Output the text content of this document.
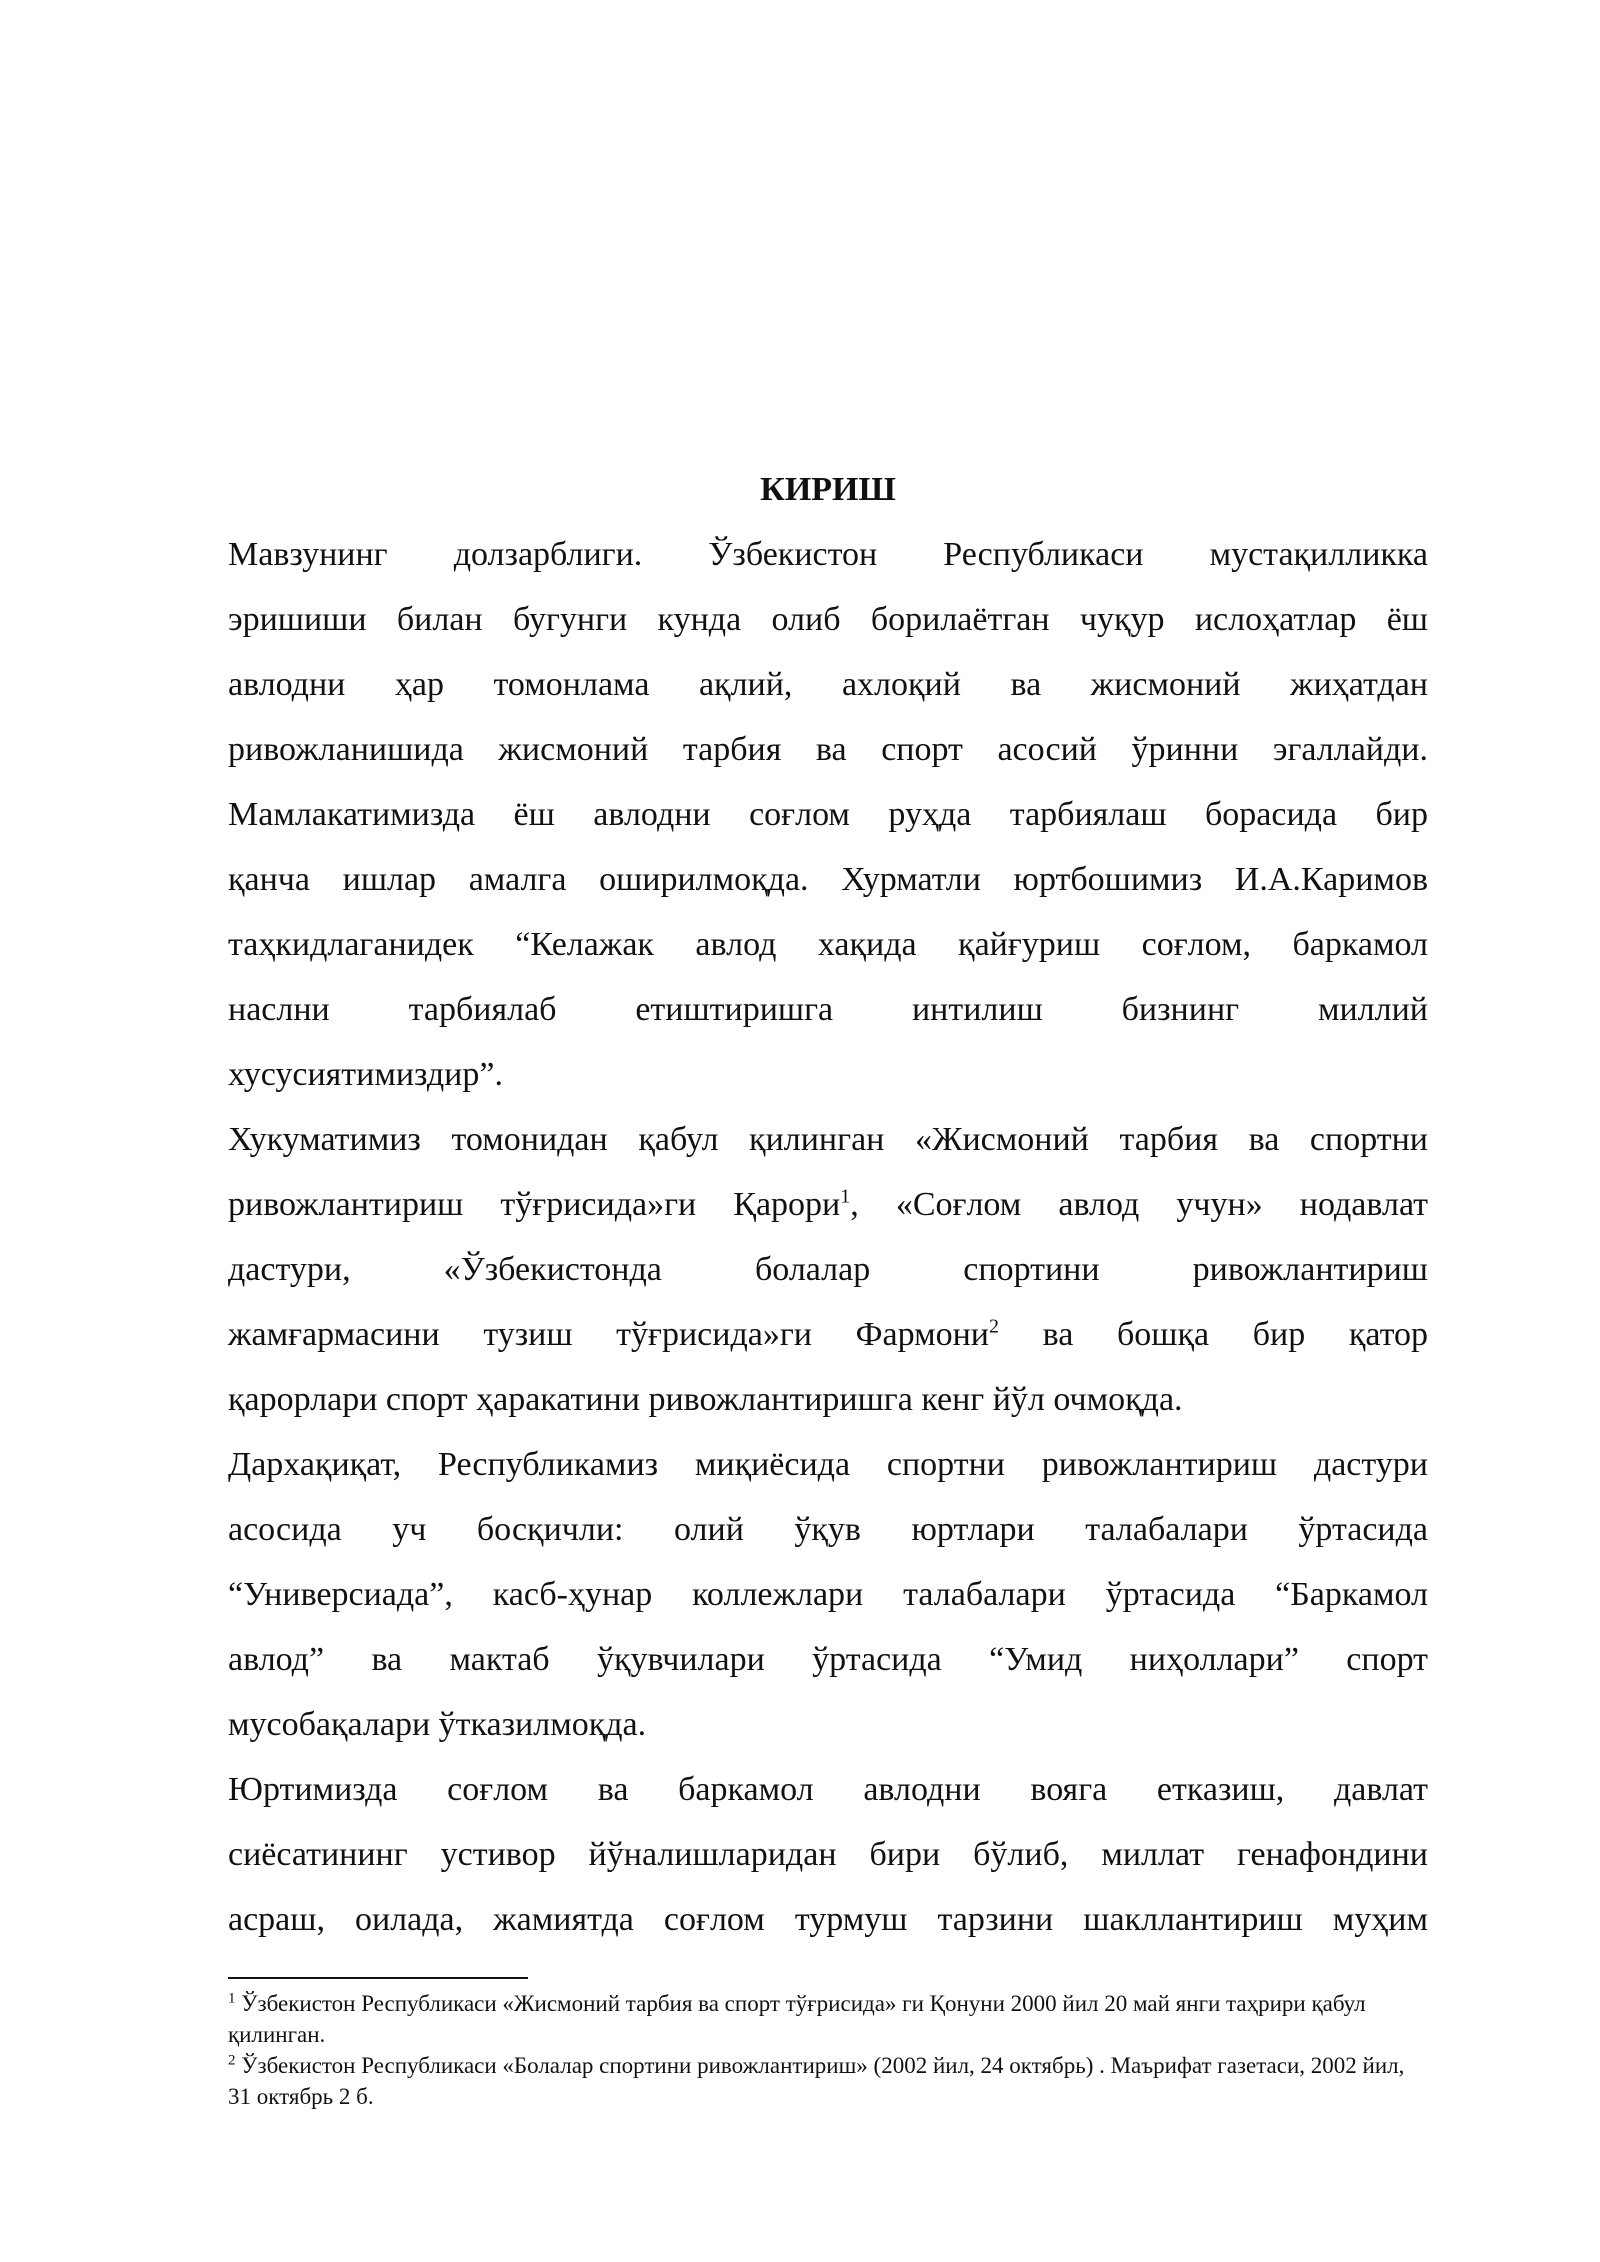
КИРИШ
Мавзунинг долзарблиги. Ўзбекистон Республикаси мустақилликка
эришиши билан бугунги кунда олиб борилаётган чуқур ислоҳатлар ёш
авлодни ҳар томонлама ақлий, ахлоқий ва жисмоний жиҳатдан
ривожланишида жисмоний тарбия ва спорт асосий ўринни эгаллайди.
Мамлакатимизда ёш авлодни соғлом руҳда тарбиялаш борасида бир
қанча ишлар амалга оширилмоқда. Хурматли юртбошимиз И.А.Каримов
таҳкидлаганидек “Келажак авлод хақида қайғуриш соғлом, баркамол
наслни тарбиялаб етиштиришга интилиш бизнинг миллий
хусусиятимиздир”.
Хукуматимиз томонидан қабул қилинган «Жисмоний тарбия ва спортни
ривожлантириш тўғрисида»ги Қарори$^1$, «Соғлом авлод учун» нодавлат
дастури, «Ўзбекистонда болалар спортини ривожлантириш
жамғармасини тузиш тўғрисида»ги Фармони$^2$ ва бошқа бир қатор
қарорлари спорт ҳаракатини ривожлантиришга кенг йўл очмоқда.
Дархақиқат, Республикамиз миқиёсида спортни ривожлантириш дастури
асосида уч босқичли: олий ўқув юртлари талабалари ўртасида
“Универсиада”, касб-ҳунар коллежлари талабалари ўртасида “Баркамол
авлод” ва мактаб ўқувчилари ўртасида “Умид ниҳоллари” спорт
мусобақалари ўтказилмоқда.
Юртимизда соғлом ва баркамол авлодни вояга етказиш, давлат
сиёсатининг устивор йўналишларидан бири бўлиб, миллат генафондини
асраш, оилада, жамиятда соғлом турмуш тарзини шакллантириш муҳим

$^1$ Ўзбекистон Республикаси «Жисмоний тарбия ва спорт тўғрисида» ги Қонуни 2000 йил 20 май янги таҳрири қабул қилинган.

$^2$ Ўзбекистон Республикаси «Болалар спортини ривожлантириш» (2002 йил, 24 октябрь) . Маърифат газетаси, 2002 йил, 31 октябрь 2 б.
